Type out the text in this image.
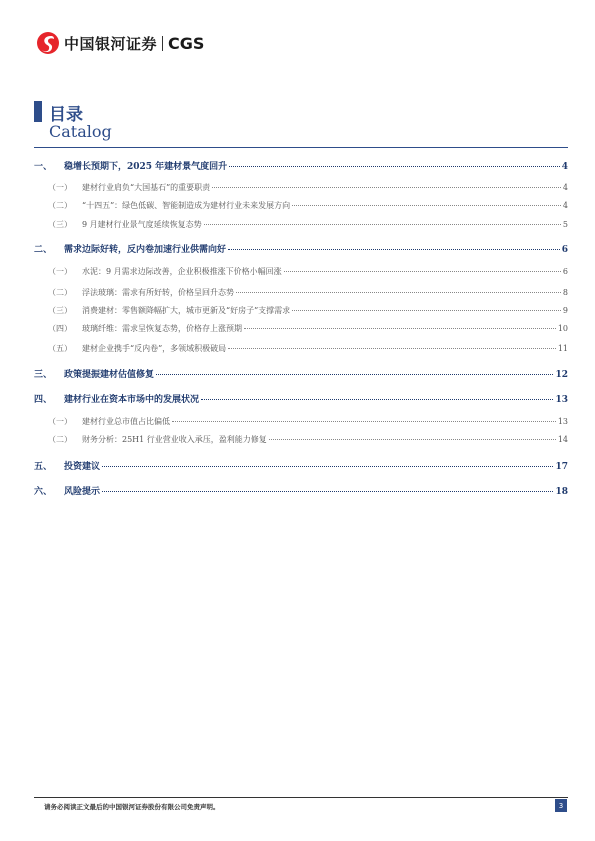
中国银河证券 CGS
目录
Catalog
一、	稳增长预期下，2025 年建材景气度回升	4
（一）	建材行业肩负“大国基石”的重要职责	4
（二）	“十四五”：绿色低碳、智能制造成为建材行业未来发展方向	4
（三）	9 月建材行业景气度延续恢复态势	5
二、	需求边际好转，反内卷加速行业供需向好	6
（一）	水泥：9 月需求边际改善，企业积极推涨下价格小幅回涨	6
（二）	浮法玻璃：需求有所好转，价格呈回升态势	8
（三）	消费建材：零售额降幅扩大，城市更新及“好房子”支撑需求	9
（四）	玻璃纤维：需求呈恢复态势，价格存上涨预期	10
（五）	建材企业携手“反内卷”，多领域积极破局	11
三、	政策提振建材估值修复	12
四、	建材行业在资本市场中的发展状况	13
（一）	建材行业总市值占比偏低	13
（二）	财务分析：25H1 行业营业收入承压，盈利能力修复	14
五、	投资建议	17
六、	风险提示	18
请务必阅读正文最后的中国银河证券股份有限公司免责声明。	3
